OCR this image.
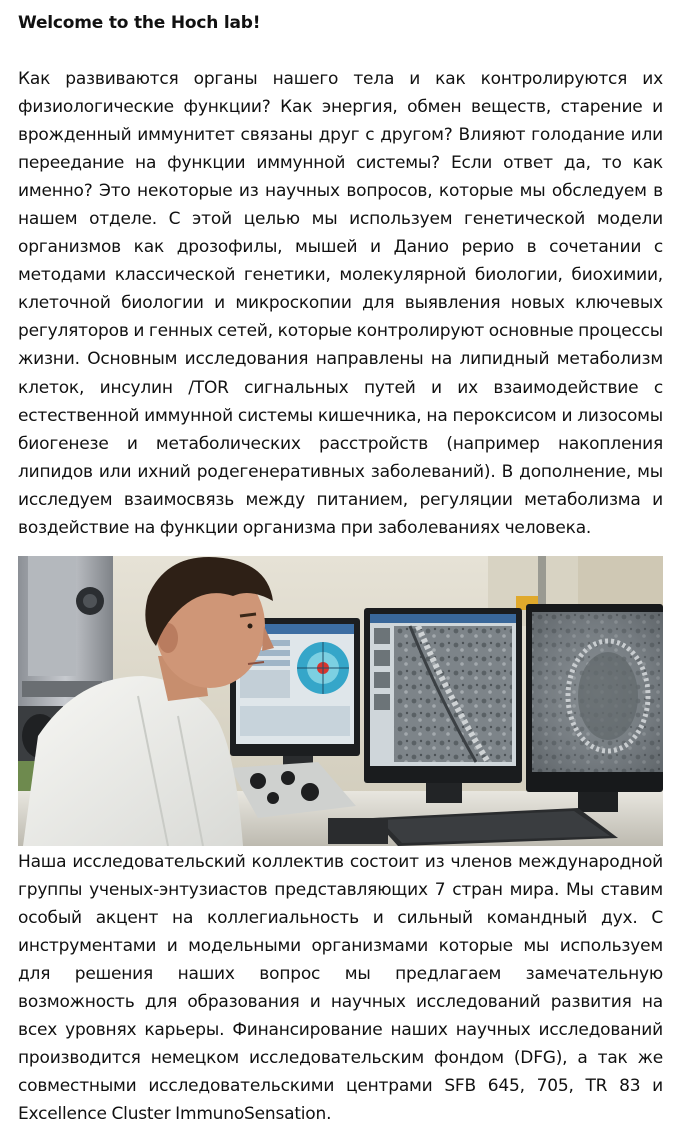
Welcome to the Hoch lab!

Как развиваются органы нашего тела и как контролируются их физиологические функции? Как энергия, обмен веществ, старение и врожденный иммунитет связаны друг с другом? Влияют голодание или переедание на функции иммунной системы? Если ответ да, то как именно? Это некоторые из научных вопросов, которые мы обследуем в нашем отделе. С этой целью мы используем генетической модели организмов как дрозофилы, мышей и Данио рерио в сочетании с методами классической генетики, молекулярной биологии, биохимии, клеточной биологии и микроскопии для выявления новых ключевых регуляторов и генных сетей, которые контролируют основные процессы жизни. Основным исследования направлены на липидный метаболизм клеток, инсулин /TOR сигнальных путей и их взаимодействие с естественной иммунной системы кишечника, на пероксисом и лизосомы биогенезе и метаболических расстройств (например накопления липидов или ихний родегенеративных заболеваний). В дополнение, мы исследуем взаимосвязь между питанием, регуляции метаболизма и воздействие на функции организма при заболеваниях человека.

Наша исследовательский коллектив состоит из членов международной группы ученых-энтузиастов представляющих 7 стран мира. Мы ставим особый акцент на коллегиальность и сильный командный дух. С инструментами и модельными организмами которые мы используем для решения наших вопрос мы предлагаем замечательную возможность для образования и научных исследований развития на всех уровнях карьеры. Финансирование наших научных исследований производится немецком исследовательским фондом (DFG), а так же совместными исследовательскими центрами SFB 645, 705, TR 83 и Excellence Cluster ImmunoSensation.
